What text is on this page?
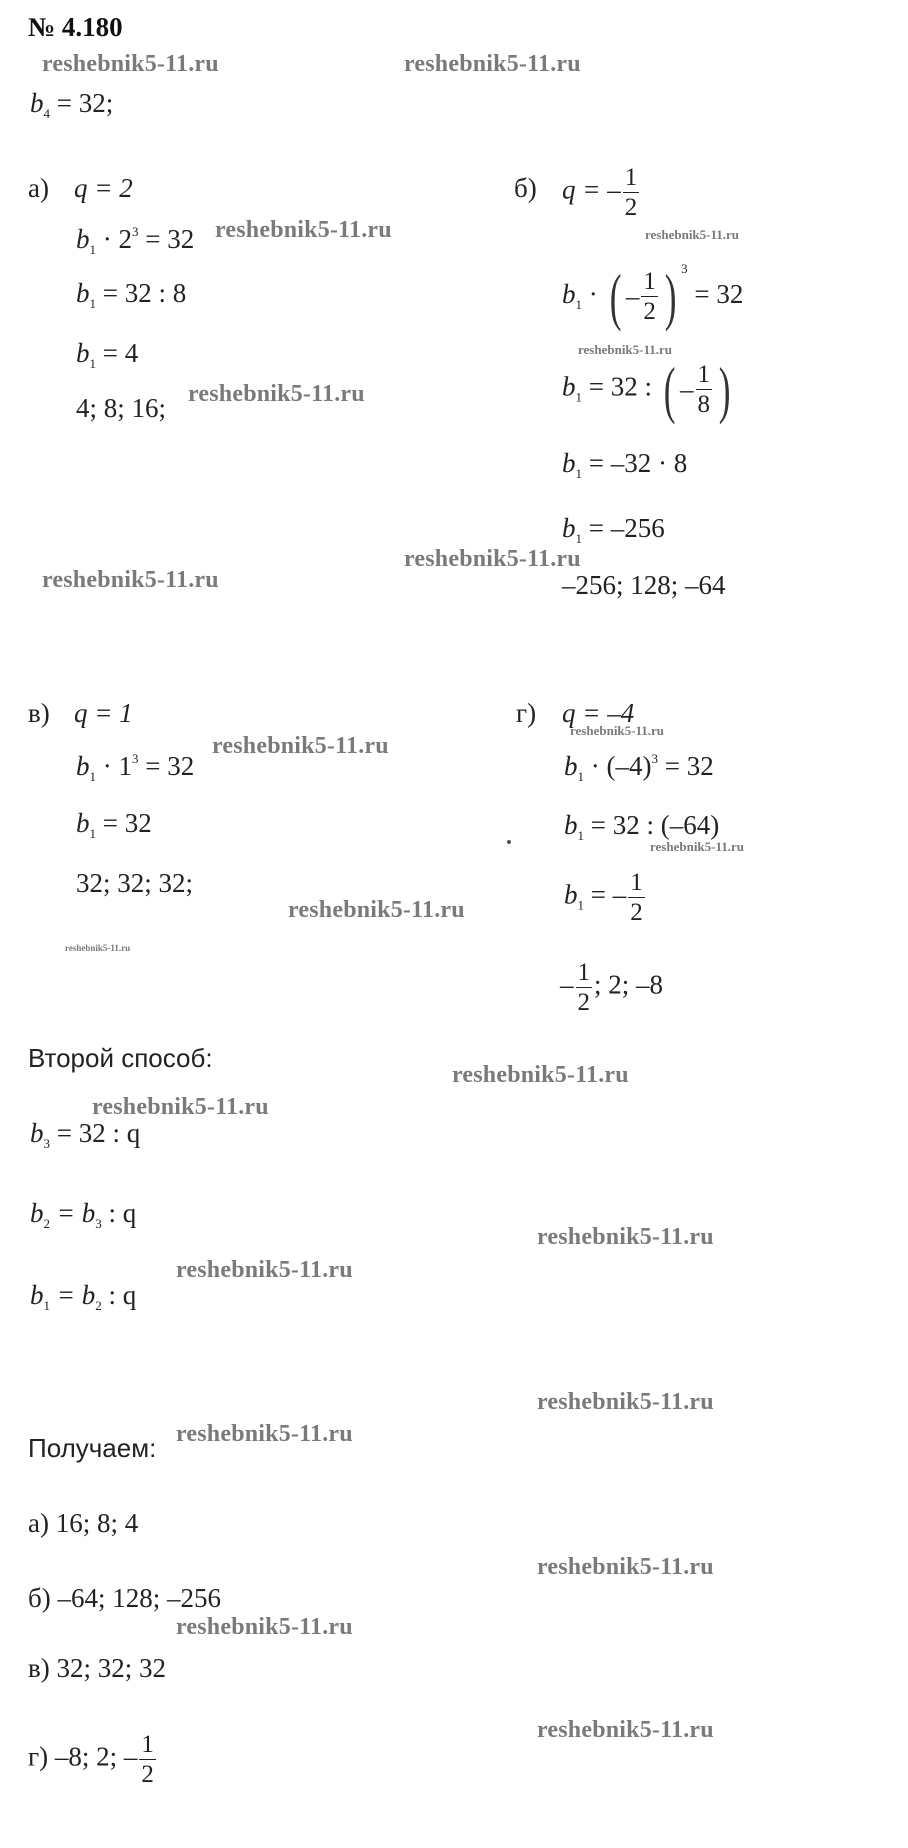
№ 4.180
$b_4 = 32$;
а) q = 2
$b_1 \cdot 2^3 = 32$
$b_1 = 32$ : 8
$b_1 = 4$
4; 8; 16;
б) q = – $\frac{1}{2}$
$b_1$ · ( – $\frac{1}{2}$ ) $^3$ = 32
$b_1 = 32$ : ( – $\frac{1}{8}$ )
$b_1 = -32 \cdot 8$
$b_1 = -256$
–256; 128; –64
в) q = 1
$b_1 \cdot 1^3 = 32$
$b_1 = 32$
32; 32; 32;
г) q = –4
$b_1 \cdot (-4)^3 = 32$
$b_1 = 32$ : (–64)
$b_1$ = – $\frac{1}{2}$
– $\frac{1}{2}$ ; 2; –8
Второй способ:
$b_3 = 32$ : q
$b_2 = b_3$ : q
$b_1 = b_2$ : q
Получаем:
а) 16; 8; 4
б) –64; 128; –256
в) 32; 32; 32
г) –8; 2; – $\frac{1}{2}$
reshebnik5-11.ru	reshebnik5-11.ru
reshebnik5-11.ru	reshebnik5-11.ru
reshebnik5-11.ru
reshebnik5-11.ru
reshebnik5-11.ru
reshebnik5-11.ru
reshebnik5-11.ru
reshebnik5-11.ru
reshebnik5-11.ru
reshebnik5-11.ru
reshebnik5-11.ru
reshebnik5-11.ru
reshebnik5-11.ru
reshebnik5-11.ru
reshebnik5-11.ru
reshebnik5-11.ru
reshebnik5-11.ru
reshebnik5-11.ru
reshebnik5-11.ru
reshebnik5-11.ru
